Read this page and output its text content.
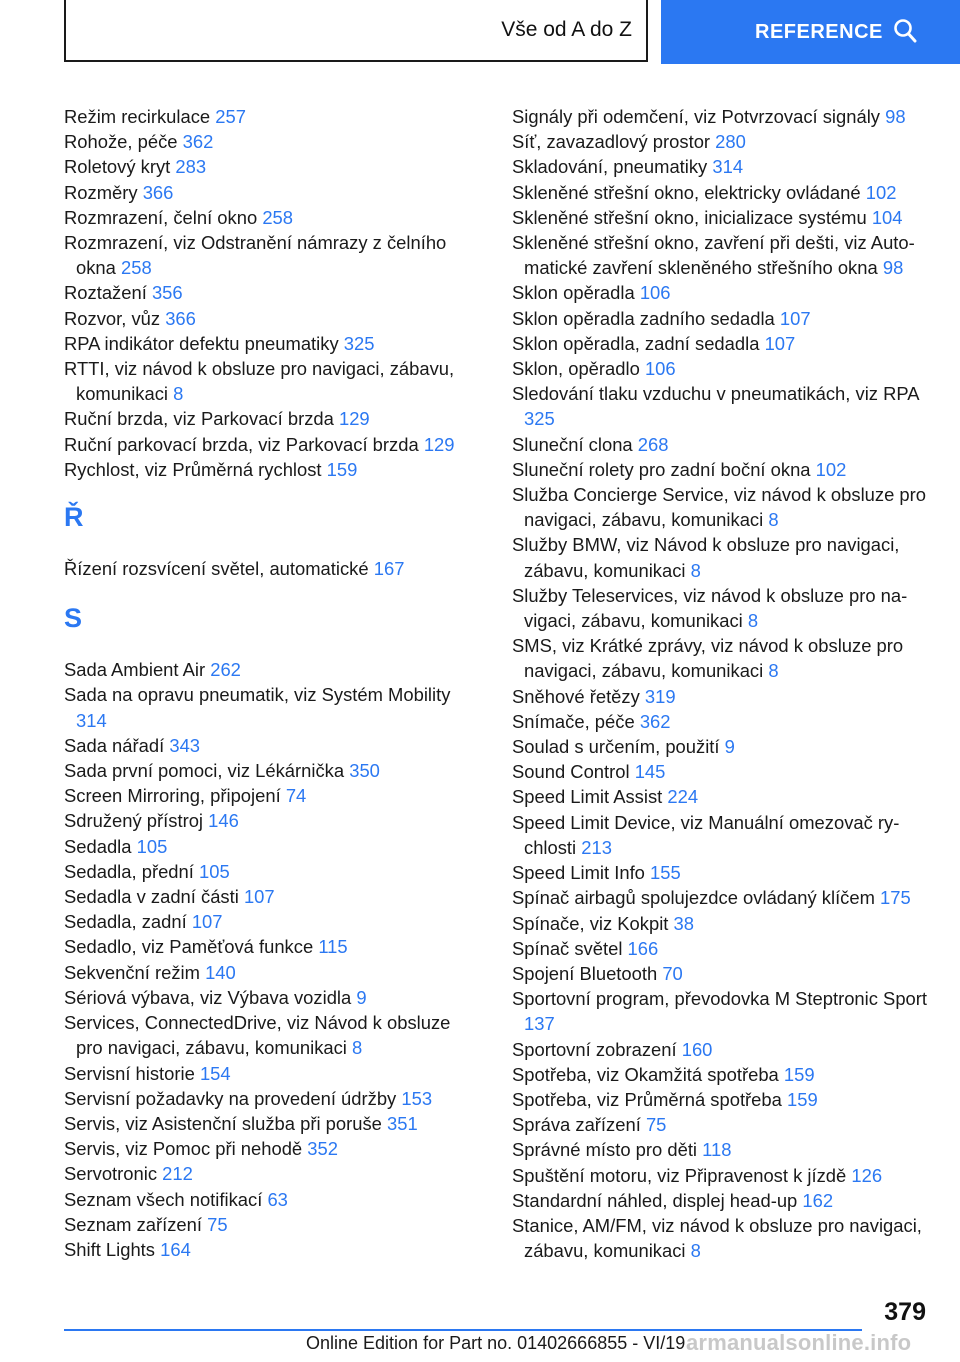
Vše od A do Z	REFERENCE
Režim recirkulace 257
Rohože, péče 362
Roletový kryt 283
Rozměry 366
Rozmrazení, čelní okno 258
Rozmrazení, viz Odstranění námrazy z čelního okna 258
Roztažení 356
Rozvor, vůz 366
RPA indikátor defektu pneumatiky 325
RTTI, viz návod k obsluze pro navigaci, zábavu, komunikaci 8
Ruční brzda, viz Parkovací brzda 129
Ruční parkovací brzda, viz Parkovací brzda 129
Rychlost, viz Průměrná rychlost 159
Ř
Řízení rozsvícení světel, automatické 167
S
Sada Ambient Air 262
Sada na opravu pneumatik, viz Systém Mobility 314
Sada nářadí 343
Sada první pomoci, viz Lékárnička 350
Screen Mirroring, připojení 74
Sdružený přístroj 146
Sedadla 105
Sedadla, přední 105
Sedadla v zadní části 107
Sedadla, zadní 107
Sedadlo, viz Paměťová funkce 115
Sekvenční režim 140
Sériová výbava, viz Výbava vozidla 9
Services, ConnectedDrive, viz Návod k obsluze pro navigaci, zábavu, komunikaci 8
Servisní historie 154
Servisní požadavky na provedení údržby 153
Servis, viz Asistenční služba při poruše 351
Servis, viz Pomoc při nehodě 352
Servotronic 212
Seznam všech notifikací 63
Seznam zařízení 75
Shift Lights 164
Signály při odemčení, viz Potvrzovací signály 98
Síť, zavazadlový prostor 280
Skladování, pneumatiky 314
Skleněné střešní okno, elektricky ovládané 102
Skleněné střešní okno, inicializace systému 104
Skleněné střešní okno, zavření při dešti, viz Automatické zavření skleněného střešního okna 98
Sklon opěradla 106
Sklon opěradla zadního sedadla 107
Sklon opěradla, zadní sedadla 107
Sklon, opěradlo 106
Sledování tlaku vzduchu v pneumatikách, viz RPA 325
Sluneční clona 268
Sluneční rolety pro zadní boční okna 102
Služba Concierge Service, viz návod k obsluze pro navigaci, zábavu, komunikaci 8
Služby BMW, viz Návod k obsluze pro navigaci, zábavu, komunikaci 8
Služby Teleservices, viz návod k obsluze pro navigaci, zábavu, komunikaci 8
SMS, viz Krátké zprávy, viz návod k obsluze pro navigaci, zábavu, komunikaci 8
Sněhové řetězy 319
Snímače, péče 362
Soulad s určením, použití 9
Sound Control 145
Speed Limit Assist 224
Speed Limit Device, viz Manuální omezovač rychlosti 213
Speed Limit Info 155
Spínač airbagů spolujezdce ovládaný klíčem 175
Spínače, viz Kokpit 38
Spínač světel 166
Spojení Bluetooth 70
Sportovní program, převodovka M Steptronic Sport 137
Sportovní zobrazení 160
Spotřeba, viz Okamžitá spotřeba 159
Spotřeba, viz Průměrná spotřeba 159
Správa zařízení 75
Správné místo pro děti 118
Spuštění motoru, viz Připravenost k jízdě 126
Standardní náhled, displej head-up 162
Stanice, AM/FM, viz návod k obsluze pro navigaci, zábavu, komunikaci 8
379
Online Edition for Part no. 01402666855 - VI/19 armanualsonline.info
